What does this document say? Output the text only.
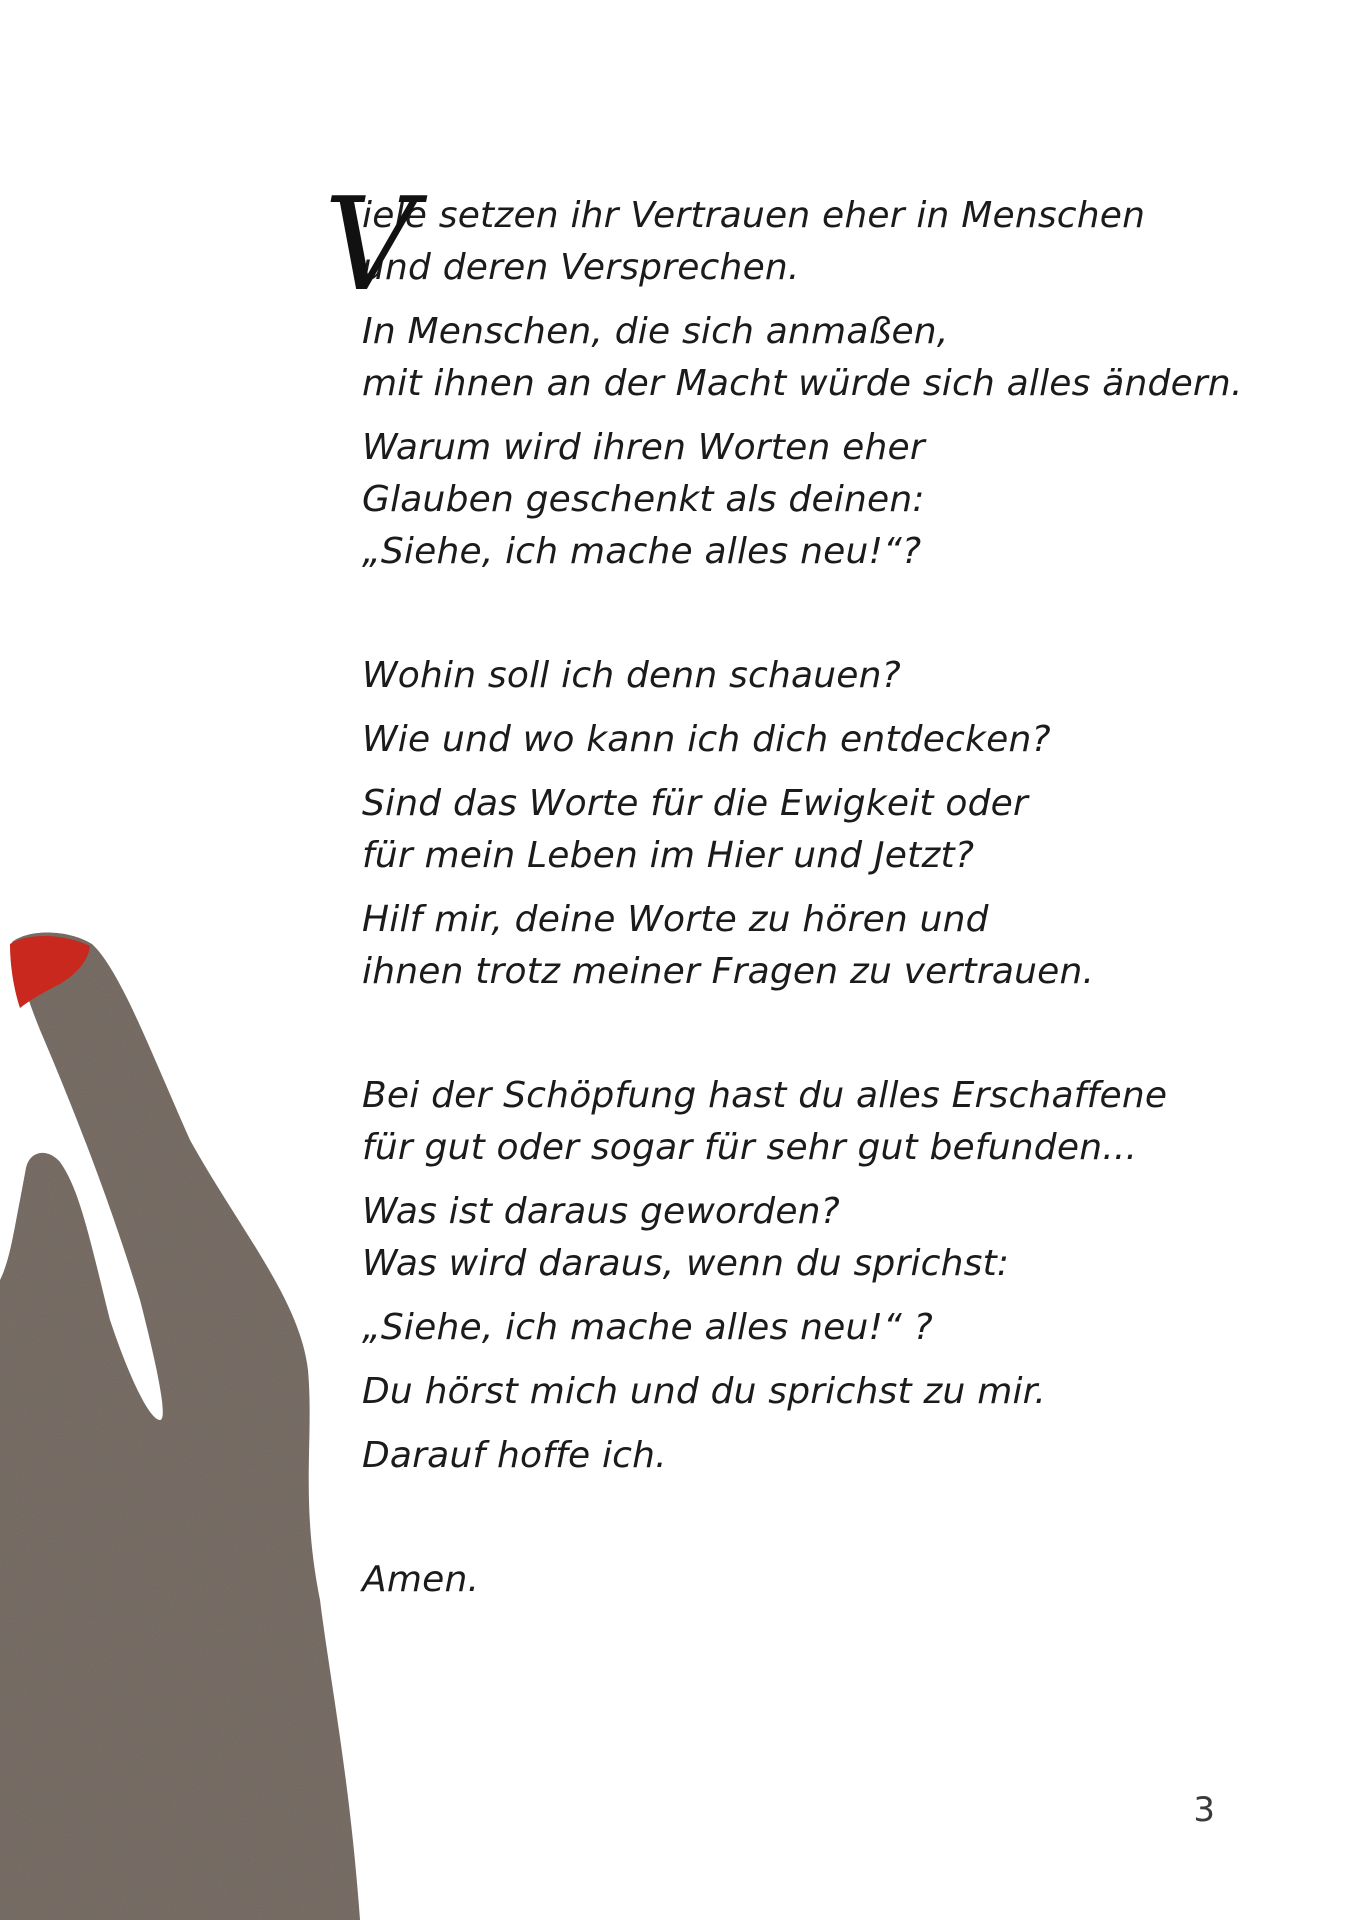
V
iele setzen ihr Vertrauen eher in Menschen
und deren Versprechen.
In Menschen, die sich anmaßen,
mit ihnen an der Macht würde sich alles ändern.
Warum wird ihren Worten eher
Glauben geschenkt als deinen:
„Siehe, ich mache alles neu!“?
Wohin soll ich denn schauen?
Wie und wo kann ich dich entdecken?
Sind das Worte für die Ewigkeit oder
für mein Leben im Hier und Jetzt?
Hilf mir, deine Worte zu hören und
ihnen trotz meiner Fragen zu vertrauen.
Bei der Schöpfung hast du alles Erschaffene
für gut oder sogar für sehr gut befunden...
Was ist daraus geworden?
Was wird daraus, wenn du sprichst:
„Siehe, ich mache alles neu!“ ?
Du hörst mich und du sprichst zu mir.
Darauf hoffe ich.
Amen.
3
